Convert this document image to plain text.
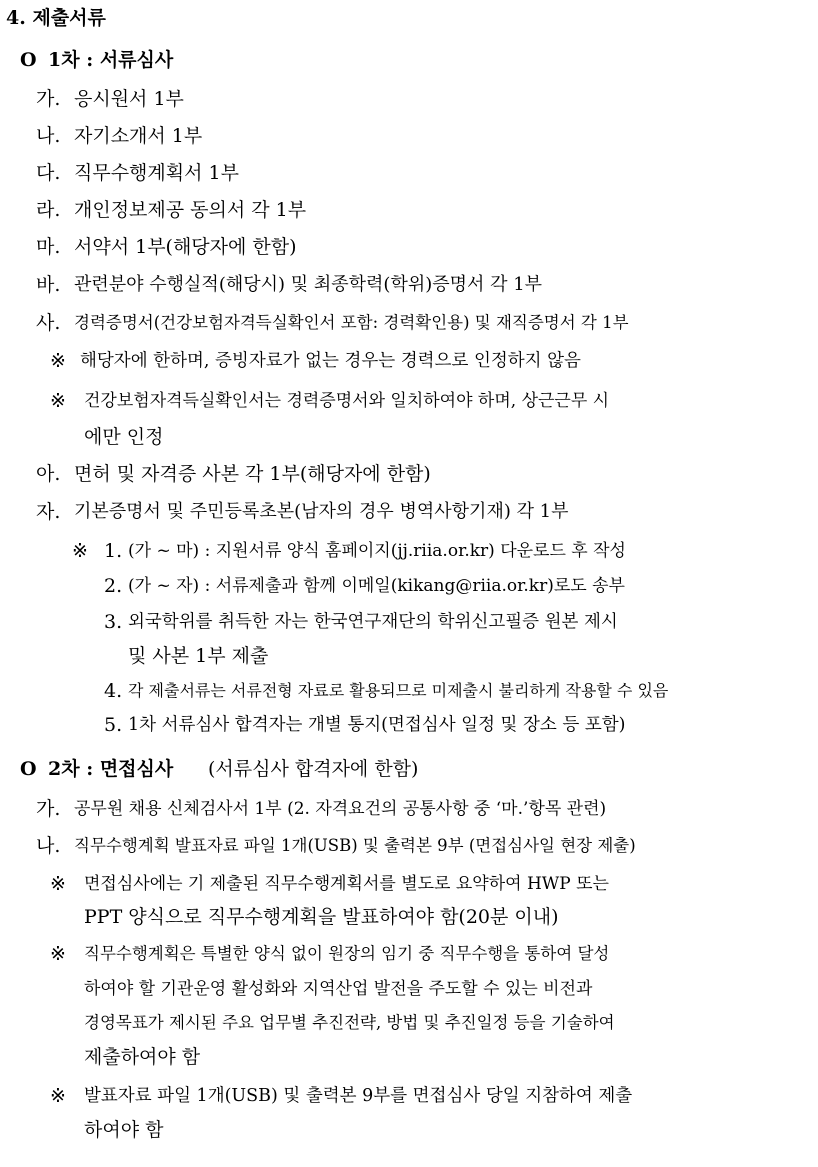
4. 제출서류
O 1차 : 서류심사
가. 응시원서 1부
나. 자기소개서 1부
다. 직무수행계획서 1부
라. 개인정보제공 동의서 각 1부
마. 서약서 1부(해당자에 한함)
바. 관련분야 수행실적(해당시) 및 최종학력(학위)증명서 각 1부
사. 경력증명서(건강보험자격득실확인서 포함: 경력확인용) 및 재직증명서 각 1부
※ 해당자에 한하며, 증빙자료가 없는 경우는 경력으로 인정하지 않음
※ 건강보험자격득실확인서는 경력증명서와 일치하여야 하며, 상근근무 시
에만 인정
아. 면허 및 자격증 사본 각 1부(해당자에 한함)
자. 기본증명서 및 주민등록초본(남자의 경우 병역사항기재) 각 1부
※ 1. (가 ~ 마) : 지원서류 양식 홈페이지(jj.riia.or.kr) 다운로드 후 작성
2. (가 ~ 자) : 서류제출과 함께 이메일(kikang@riia.or.kr)로도 송부
3. 외국학위를 취득한 자는 한국연구재단의 학위신고필증 원본 제시
및 사본 1부 제출
4. 각 제출서류는 서류전형 자료로 활용되므로 미제출시 불리하게 작용할 수 있음
5. 1차 서류심사 합격자는 개별 통지(면접심사 일정 및 장소 등 포함)
O 2차 : 면접심사 (서류심사 합격자에 한함)
가. 공무원 채용 신체검사서 1부 (2. 자격요건의 공통사항 중 ‘마.’항목 관련)
나. 직무수행계획 발표자료 파일 1개(USB) 및 출력본 9부 (면접심사일 현장 제출)
※ 면접심사에는 기 제출된 직무수행계획서를 별도로 요약하여 HWP 또는
PPT 양식으로 직무수행계획을 발표하여야 함(20분 이내)
※ 직무수행계획은 특별한 양식 없이 원장의 임기 중 직무수행을 통하여 달성
하여야 할 기관운영 활성화와 지역산업 발전을 주도할 수 있는 비전과
경영목표가 제시된 주요 업무별 추진전략, 방법 및 추진일정 등을 기술하여
제출하여야 함
※ 발표자료 파일 1개(USB) 및 출력본 9부를 면접심사 당일 지참하여 제출
하여야 함
